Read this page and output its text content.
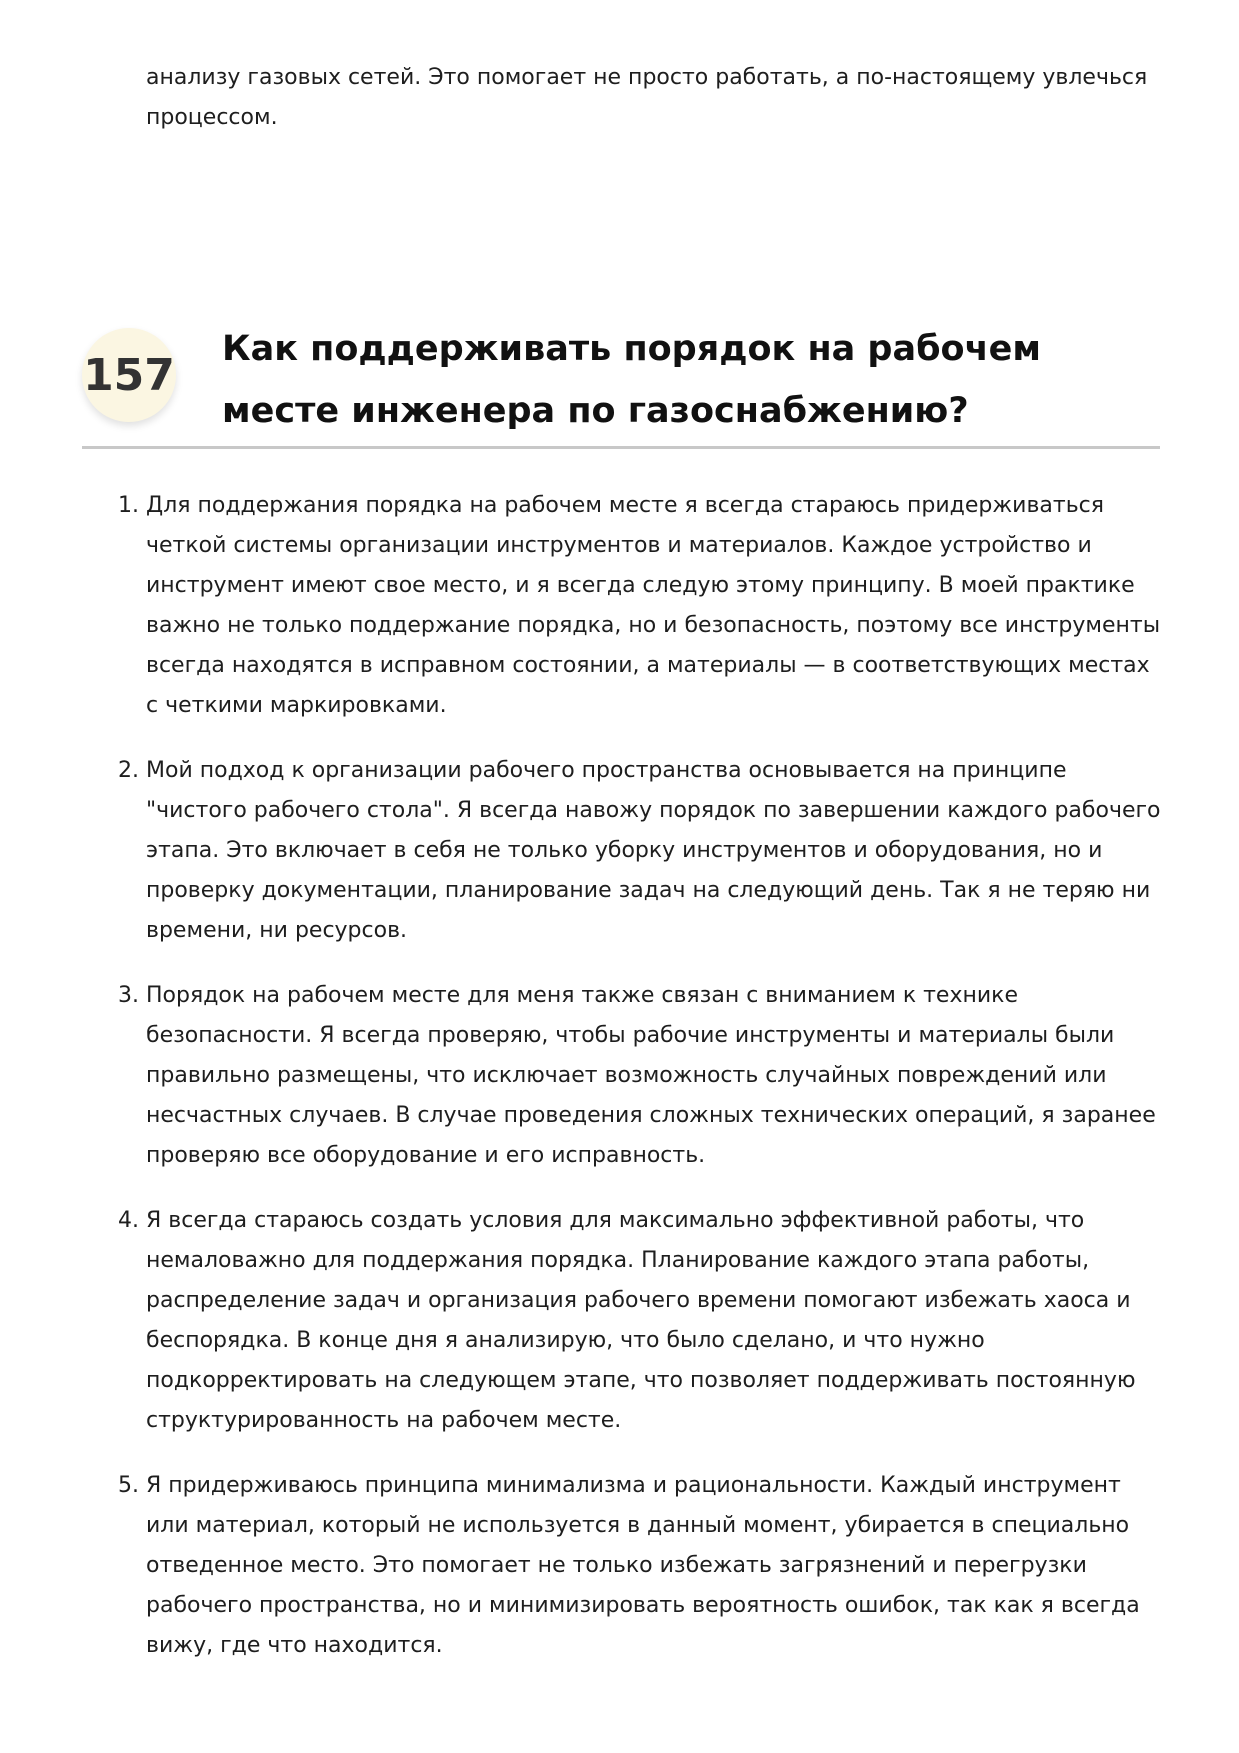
анализу газовых сетей. Это помогает не просто работать, а по-настоящему увлечься процессом.

157
Как поддерживать порядок на рабочем месте инженера по газоснабжению?
1. Для поддержания порядка на рабочем месте я всегда стараюсь придерживаться четкой системы организации инструментов и материалов. Каждое устройство и инструмент имеют свое место, и я всегда следую этому принципу. В моей практике важно не только поддержание порядка, но и безопасность, поэтому все инструменты всегда находятся в исправном состоянии, а материалы — в соответствующих местах с четкими маркировками.
2. Мой подход к организации рабочего пространства основывается на принципе "чистого рабочего стола". Я всегда навожу порядок по завершении каждого рабочего этапа. Это включает в себя не только уборку инструментов и оборудования, но и проверку документации, планирование задач на следующий день. Так я не теряю ни времени, ни ресурсов.
3. Порядок на рабочем месте для меня также связан с вниманием к технике безопасности. Я всегда проверяю, чтобы рабочие инструменты и материалы были правильно размещены, что исключает возможность случайных повреждений или несчастных случаев. В случае проведения сложных технических операций, я заранее проверяю все оборудование и его исправность.
4. Я всегда стараюсь создать условия для максимально эффективной работы, что немаловажно для поддержания порядка. Планирование каждого этапа работы, распределение задач и организация рабочего времени помогают избежать хаоса и беспорядка. В конце дня я анализирую, что было сделано, и что нужно подкорректировать на следующем этапе, что позволяет поддерживать постоянную структурированность на рабочем месте.
5. Я придерживаюсь принципа минимализма и рациональности. Каждый инструмент или материал, который не используется в данный момент, убирается в специально отведенное место. Это помогает не только избежать загрязнений и перегрузки рабочего пространства, но и минимизировать вероятность ошибок, так как я всегда вижу, где что находится.
